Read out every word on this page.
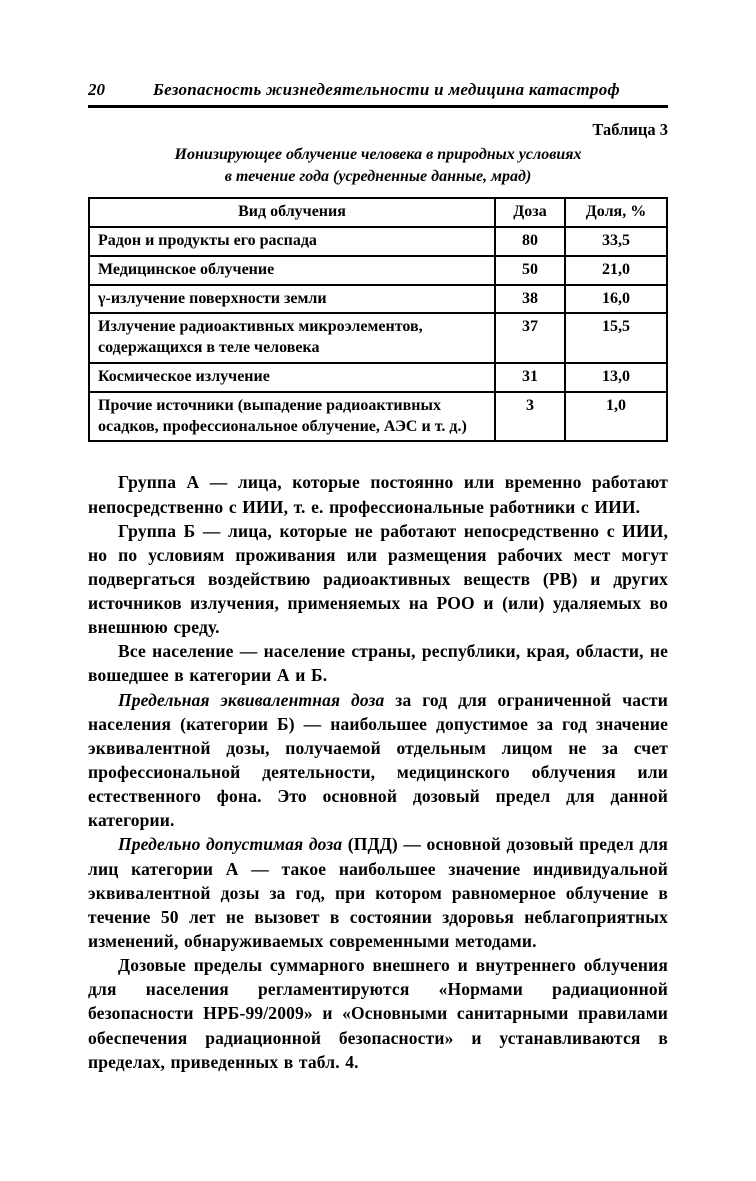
20	Безопасность жизнедеятельности и медицина катастроф
Таблица 3
Ионизирующее облучение человека в природных условиях
в течение года (усредненные данные, мрад)
Вид облучения	Доза	Доля, %
Радон и продукты его распада	80	33,5
Медицинское облучение	50	21,0
γ-излучение поверхности земли	38	16,0
Излучение радиоактивных микроэлементов, содержащихся в теле человека	37	15,5
Космическое излучение	31	13,0
Прочие источники (выпадение радиоактивных осадков, профессиональное облучение, АЭС и т. д.)	3	1,0

Группа А — лица, которые постоянно или временно работают непосредственно с ИИИ, т. е. профессиональные работники с ИИИ.

Группа Б — лица, которые не работают непосредственно с ИИИ, но по условиям проживания или размещения рабочих мест могут подвергаться воздействию радиоактивных веществ (РВ) и других источников излучения, применяемых на РОО и (или) удаляемых во внешнюю среду.

Все население — население страны, республики, края, области, не вошедшее в категории А и Б.

Предельная эквивалентная доза за год для ограниченной части населения (категории Б) — наибольшее допустимое за год значение эквивалентной дозы, получаемой отдельным лицом не за счет профессиональной деятельности, медицинского облучения или естественного фона. Это основной дозовый предел для данной категории.

Предельно допустимая доза (ПДД) — основной дозовый предел для лиц категории А — такое наибольшее значение индивидуальной эквивалентной дозы за год, при котором равномерное облучение в течение 50 лет не вызовет в состоянии здоровья неблагоприятных изменений, обнаруживаемых современными методами.

Дозовые пределы суммарного внешнего и внутреннего облучения для населения регламентируются «Нормами радиационной безопасности НРБ-99/2009» и «Основными санитарными правилами обеспечения радиационной безопасности» и устанавливаются в пределах, приведенных в табл. 4.
